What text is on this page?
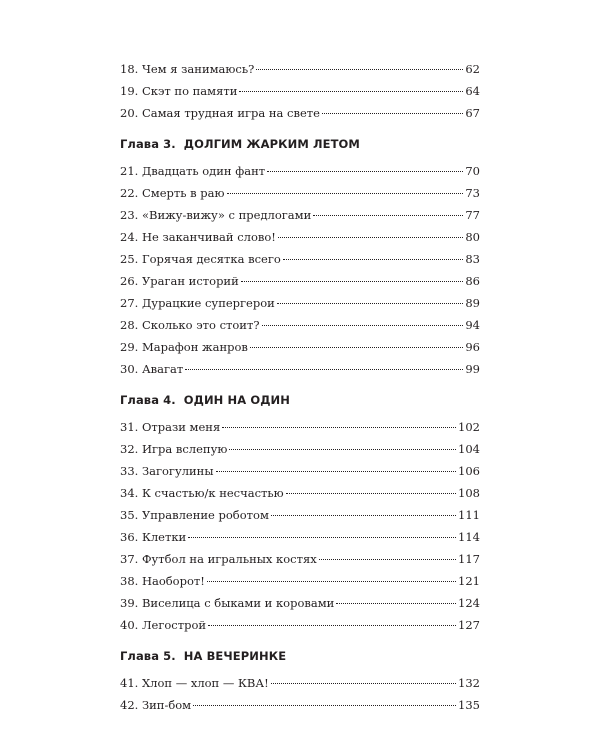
18. Чем я занимаюсь?	62
19. Скэт по памяти	64
20. Самая трудная игра на свете	67
Глава 3. ДОЛГИМ ЖАРКИМ ЛЕТОМ
21. Двадцать один фант	70
22. Смерть в раю	73
23. «Вижу-вижу» с предлогами	77
24. Не заканчивай слово!	80
25. Горячая десятка всего	83
26. Ураган историй	86
27. Дурацкие супергерои	89
28. Сколько это стоит?	94
29. Марафон жанров	96
30. Авагат	99
Глава 4. ОДИН НА ОДИН
31. Отрази меня	102
32. Игра вслепую	104
33. Загогулины	106
34. К счастью/к несчастью	108
35. Управление роботом	111
36. Клетки	114
37. Футбол на игральных костях	117
38. Наоборот!	121
39. Виселица с быками и коровами	124
40. Легострой	127
Глава 5. НА ВЕЧЕРИНКЕ
41. Хлоп — хлоп — КВА!	132
42. Зип-бом	135
